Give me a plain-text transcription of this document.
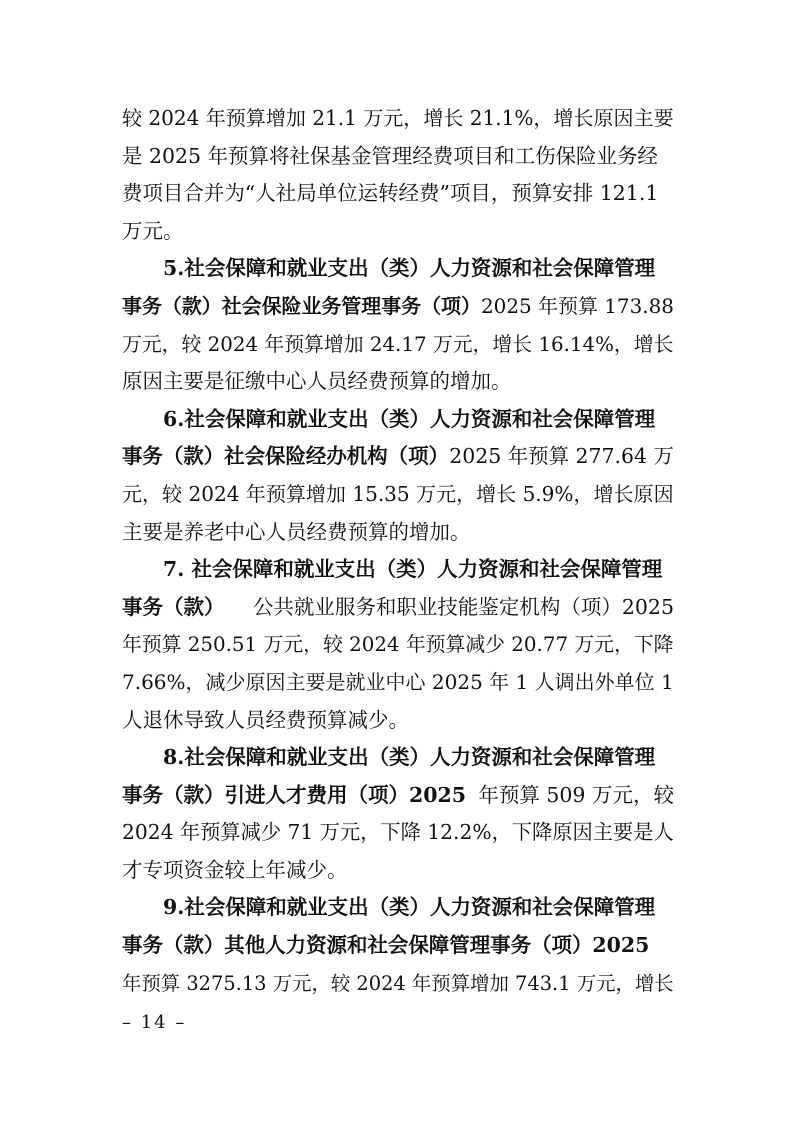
较 2024 年预算增加 21.1 万元，增长 21.1%，增长原因主要
是 2025 年预算将社保基金管理经费项目和工伤保险业务经
费项目合并为“人社局单位运转经费”项目，预算安排 121.1
万元。
5.社会保障和就业支出（类）人力资源和社会保障管理
事务（款）社会保险业务管理事务（项） 2025 年预算 173.88
万元，较 2024 年预算增加 24.17 万元，增长 16.14%，增长
原因主要是征缴中心人员经费预算的增加。
6.社会保障和就业支出（类）人力资源和社会保障管理
事务（款）社会保险经办机构（项） 2025 年预算 277.64 万
元，较 2024 年预算增加 15.35 万元，增长 5.9%，增长原因
主要是养老中心人员经费预算的增加。
7. 社会保障和就业支出（类）人力资源和社会保障管理
事务（款） 公共就业服务和职业技能鉴定机构（项）2025
年预算 250.51 万元，较 2024 年预算减少 20.77 万元，下降
7.66%，减少原因主要是就业中心 2025 年 1 人调出外单位 1
人退休导致人员经费预算减少。
8.社会保障和就业支出（类）人力资源和社会保障管理
事务（款）引进人才费用（项）2025 年预算 509 万元，较
2024 年预算减少 71 万元，下降 12.2%，下降原因主要是人
才专项资金较上年减少。
9.社会保障和就业支出（类）人力资源和社会保障管理
事务（款）其他人力资源和社会保障管理事务（项）2025
年预算 3275.13 万元，较 2024 年预算增加 743.1 万元，增长
– 14 –
